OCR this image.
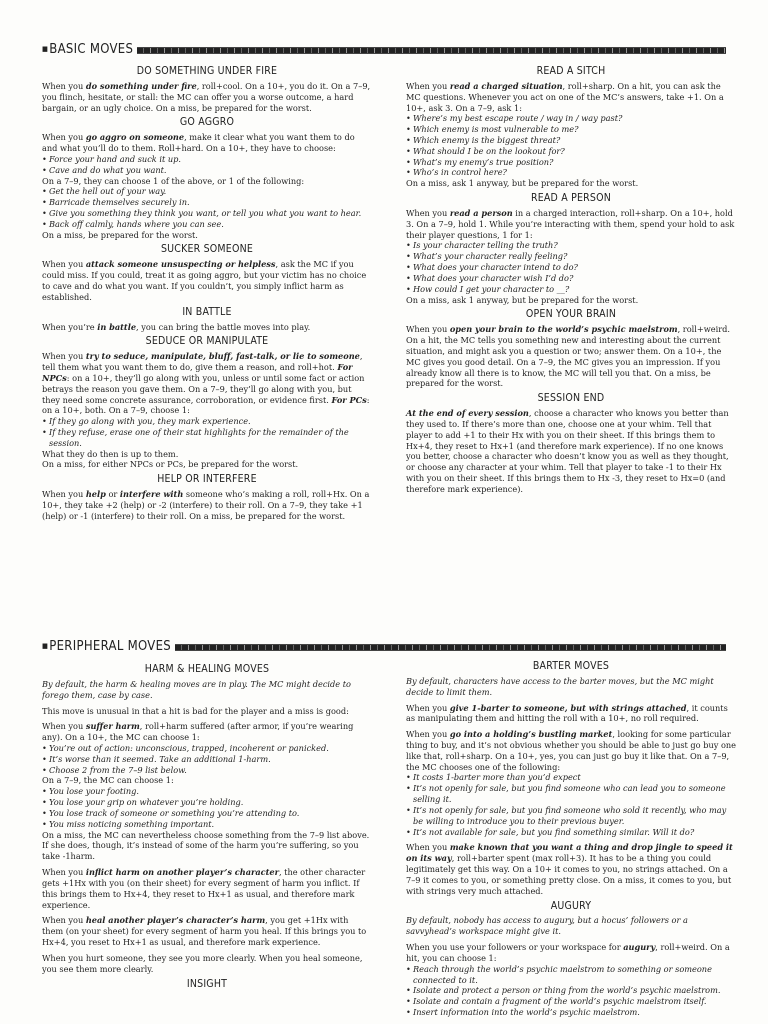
■BASIC MOVES
DO SOMETHING UNDER FIRE

When you do something under fire, roll+cool. On a 10+, you do it. On a 7–9, you flinch, hesitate, or stall: the MC can offer you a worse outcome, a hard bargain, or an ugly choice. On a miss, be prepared for the worst.

GO AGGRO

When you go aggro on someone, make it clear what you want them to do and what you’ll do to them. Roll+hard. On a 10+, they have to choose:

• Force your hand and suck it up.
• Cave and do what you want.

On a 7–9, they can choose 1 of the above, or 1 of the following:

• Get the hell out of your way.
• Barricade themselves securely in.
• Give you something they think you want, or tell you what you want to hear.
• Back off calmly, hands where you can see.

On a miss, be prepared for the worst.

SUCKER SOMEONE

When you attack someone unsuspecting or helpless, ask the MC if you could miss. If you could, treat it as going aggro, but your victim has no choice to cave and do what you want. If you couldn’t, you simply inflict harm as established.

IN BATTLE

When you’re in battle, you can bring the battle moves into play.

SEDUCE OR MANIPULATE

When you try to seduce, manipulate, bluff, fast-talk, or lie to someone, tell them what you want them to do, give them a reason, and roll+hot. For NPCs: on a 10+, they’ll go along with you, unless or until some fact or action betrays the reason you gave them. On a 7–9, they’ll go along with you, but they need some concrete assurance, corroboration, or evidence first. For PCs: on a 10+, both. On a 7–9, choose 1:

• If they go along with you, they mark experience.
• If they refuse, erase one of their stat highlights for the remainder of the session.

What they do then is up to them.

On a miss, for either NPCs or PCs, be prepared for the worst.

HELP OR INTERFERE

When you help or interfere with someone who’s making a roll, roll+Hx. On a 10+, they take +2 (help) or -2 (interfere) to their roll. On a 7–9, they take +1 (help) or -1 (interfere) to their roll. On a miss, be prepared for the worst.

READ A SITCH

When you read a charged situation, roll+sharp. On a hit, you can ask the MC questions. Whenever you act on one of the MC’s answers, take +1. On a 10+, ask 3. On a 7–9, ask 1:

• Where’s my best escape route / way in / way past?
• Which enemy is most vulnerable to me?
• Which enemy is the biggest threat?
• What should I be on the lookout for?
• What’s my enemy’s true position?
• Who’s in control here?

On a miss, ask 1 anyway, but be prepared for the worst.

READ A PERSON

When you read a person in a charged interaction, roll+sharp. On a 10+, hold 3. On a 7–9, hold 1. While you’re interacting with them, spend your hold to ask their player questions, 1 for 1:

• Is your character telling the truth?
• What’s your character really feeling?
• What does your character intend to do?
• What does your character wish I’d do?
• How could I get your character to __?

On a miss, ask 1 anyway, but be prepared for the worst.

OPEN YOUR BRAIN

When you open your brain to the world’s psychic maelstrom, roll+weird. On a hit, the MC tells you something new and interesting about the current situation, and might ask you a question or two; answer them. On a 10+, the MC gives you good detail. On a 7–9, the MC gives you an impression. If you already know all there is to know, the MC will tell you that. On a miss, be prepared for the worst.

SESSION END

At the end of every session, choose a character who knows you better than they used to. If there’s more than one, choose one at your whim. Tell that player to add +1 to their Hx with you on their sheet. If this brings them to Hx+4, they reset to Hx+1 (and therefore mark experience). If no one knows you better, choose a character who doesn’t know you as well as they thought, or choose any character at your whim. Tell that player to take -1 to their Hx with you on their sheet. If this brings them to Hx -3, they reset to Hx=0 (and therefore mark experience).

■PERIPHERAL MOVES
HARM & HEALING MOVES

By default, the harm & healing moves are in play. The MC might decide to forego them, case by case.

This move is unusual in that a hit is bad for the player and a miss is good:

When you suffer harm, roll+harm suffered (after armor, if you’re wearing any). On a 10+, the MC can choose 1:

• You’re out of action: unconscious, trapped, incoherent or panicked.
• It’s worse than it seemed. Take an additional 1-harm.
• Choose 2 from the 7–9 list below.

On a 7–9, the MC can choose 1:

• You lose your footing.
• You lose your grip on whatever you’re holding.
• You lose track of someone or something you’re attending to.
• You miss noticing something important.

On a miss, the MC can nevertheless choose something from the 7–9 list above. If she does, though, it’s instead of some of the harm you’re suffering, so you take -1harm.

When you inflict harm on another player’s character, the other character gets +1Hx with you (on their sheet) for every segment of harm you inflict. If this brings them to Hx+4, they reset to Hx+1 as usual, and therefore mark experience.

When you heal another player’s character’s harm, you get +1Hx with them (on your sheet) for every segment of harm you heal. If this brings you to Hx+4, you reset to Hx+1 as usual, and therefore mark experience.

When you hurt someone, they see you more clearly. When you heal someone, you see them more clearly.

INSIGHT
BARTER MOVES

By default, characters have access to the barter moves, but the MC might decide to limit them.

When you give 1-barter to someone, but with strings attached, it counts as manipulating them and hitting the roll with a 10+, no roll required.

When you go into a holding’s bustling market, looking for some particular thing to buy, and it’s not obvious whether you should be able to just go buy one like that, roll+sharp. On a 10+, yes, you can just go buy it like that. On a 7–9, the MC chooses one of the following:

• It costs 1-barter more than you’d expect
• It’s not openly for sale, but you find someone who can lead you to someone selling it.
• It’s not openly for sale, but you find someone who sold it recently, who may be willing to introduce you to their previous buyer.
• It’s not available for sale, but you find something similar. Will it do?

When you make known that you want a thing and drop jingle to speed it on its way, roll+barter spent (max roll+3). It has to be a thing you could legitimately get this way. On a 10+ it comes to you, no strings attached. On a 7–9 it comes to you, or something pretty close. On a miss, it comes to you, but with strings very much attached.

AUGURY

By default, nobody has access to augury, but a hocus’ followers or a savvyhead’s workspace might give it.

When you use your followers or your workspace for augury, roll+weird. On a hit, you can choose 1:

• Reach through the world’s psychic maelstrom to something or someone connected to it.
• Isolate and protect a person or thing from the world’s psychic maelstrom.
• Isolate and contain a fragment of the world’s psychic maelstrom itself.
• Insert information into the world’s psychic maelstrom.
